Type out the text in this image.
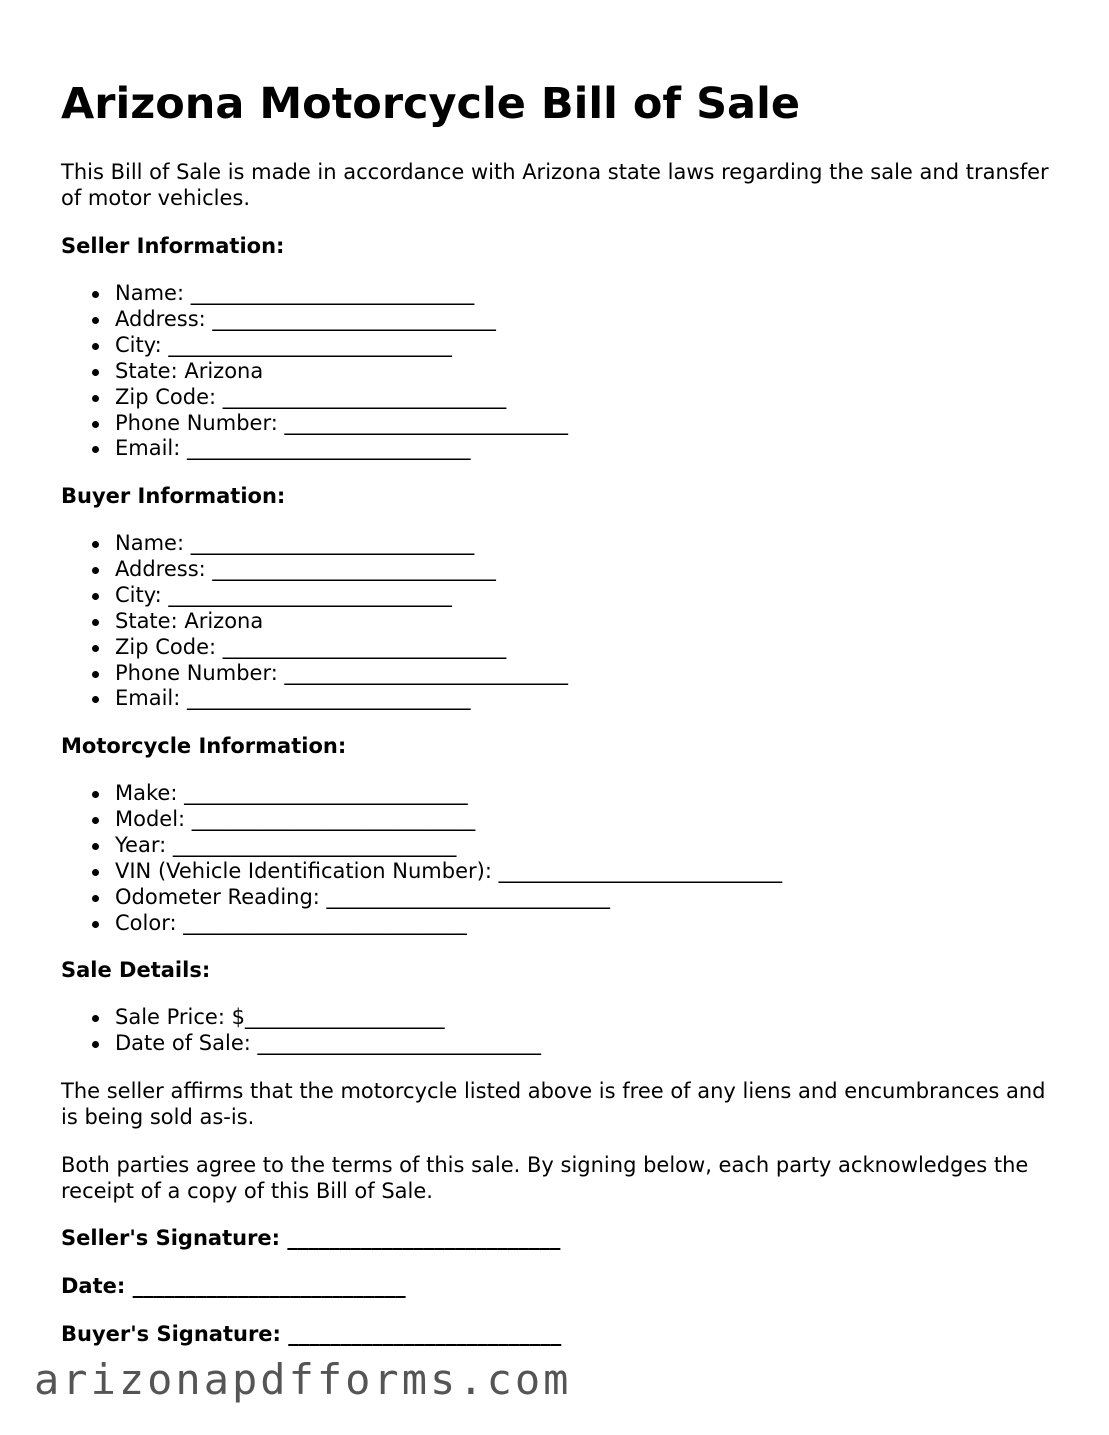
Arizona Motorcycle Bill of Sale

This Bill of Sale is made in accordance with Arizona state laws regarding the sale and transfer of motor vehicles.

Seller Information:

Name: ___________________________
Address: ___________________________
City: ___________________________
State: Arizona
Zip Code: ___________________________
Phone Number: ___________________________
Email: ___________________________

Buyer Information:

Name: ___________________________
Address: ___________________________
City: ___________________________
State: Arizona
Zip Code: ___________________________
Phone Number: ___________________________
Email: ___________________________

Motorcycle Information:

Make: ___________________________
Model: ___________________________
Year: ___________________________
VIN (Vehicle Identification Number): ___________________________
Odometer Reading: ___________________________
Color: ___________________________

Sale Details:

Sale Price: $___________________
Date of Sale: ___________________________

The seller affirms that the motorcycle listed above is free of any liens and encumbrances and is being sold as-is.

Both parties agree to the terms of this sale. By signing below, each party acknowledges the receipt of a copy of this Bill of Sale.

Seller's Signature: __________________________

Date: __________________________

Buyer's Signature: __________________________

arizonapdfforms.com
